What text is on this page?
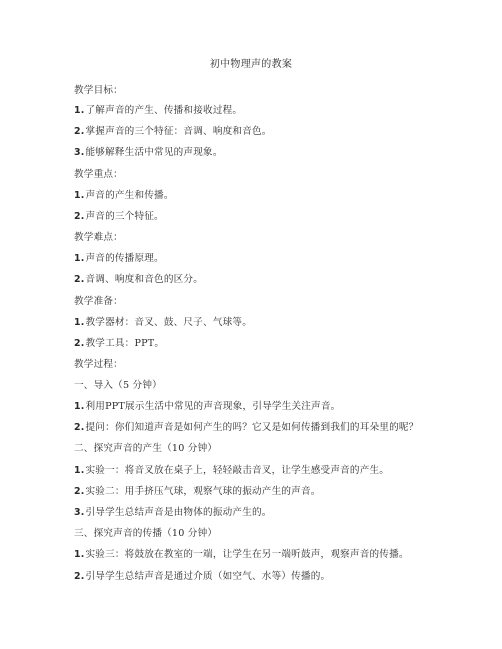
初中物理声的教案
教学目标：
1.了解声音的产生、传播和接收过程。
2.掌握声音的三个特征：音调、响度和音色。
3.能够解释生活中常见的声现象。
教学重点：
1.声音的产生和传播。
2.声音的三个特征。
教学难点：
1.声音的传播原理。
2.音调、响度和音色的区分。
教学准备：
1.教学器材：音叉、鼓、尺子、气球等。
2.教学工具：PPT。
教学过程：
一、导入（5 分钟）
1.利用PPT展示生活中常见的声音现象，引导学生关注声音。
2.提问：你们知道声音是如何产生的吗？它又是如何传播到我们的耳朵里的呢？
二、探究声音的产生（10 分钟）
1.实验一：将音叉放在桌子上，轻轻敲击音叉，让学生感受声音的产生。
2.实验二：用手挤压气球，观察气球的振动产生的声音。
3.引导学生总结声音是由物体的振动产生的。
三、探究声音的传播（10 分钟）
1.实验三：将鼓放在教室的一端，让学生在另一端听鼓声，观察声音的传播。
2.引导学生总结声音是通过介质（如空气、水等）传播的。
